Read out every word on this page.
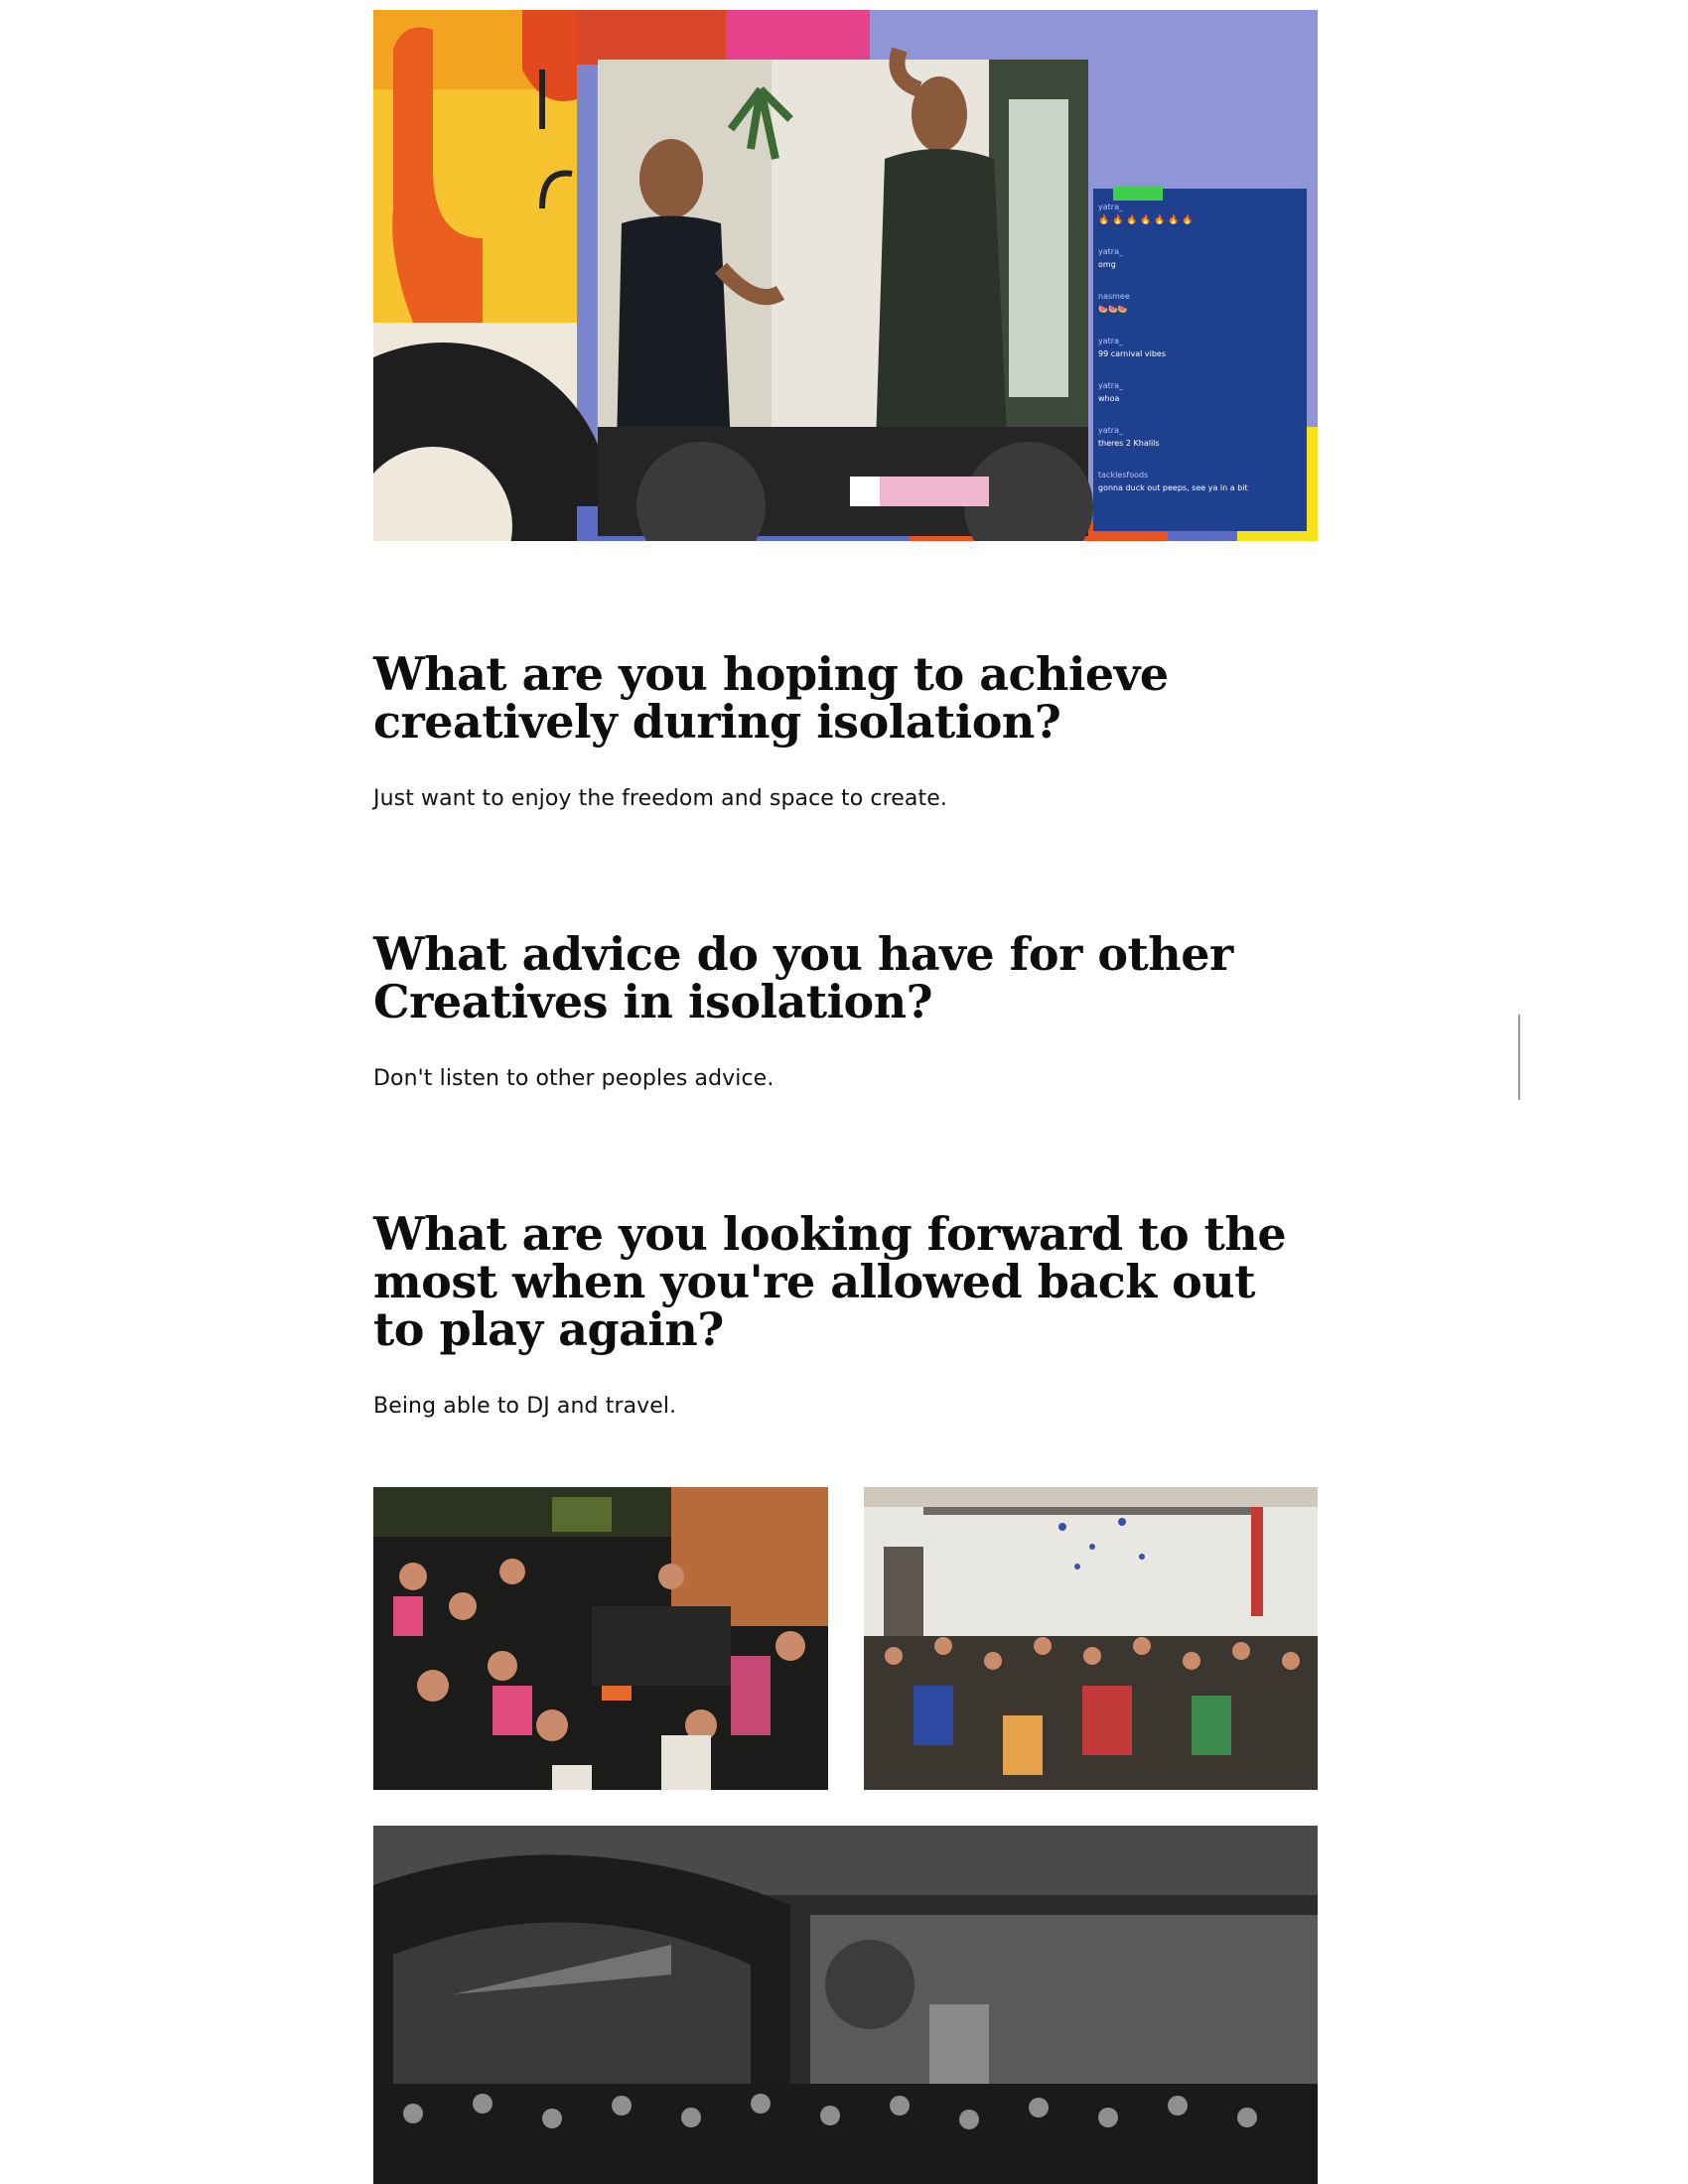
yatra_
🔥 🔥 🔥 🔥 🔥 🔥 🔥
yatra_
omg
nasmee
🍉🍉🍉
yatra_
99 carnival vibes
yatra_
whoa
yatra_
theres 2 Khalils
tacklesfoods
gonna duck out peeps, see ya in a bit
What are you hoping to achieve creatively during isolation?

Just want to enjoy the freedom and space to create.

What advice do you have for other Creatives in isolation?

Don't listen to other peoples advice.

What are you looking forward to the most when you're allowed back out to play again?

Being able to DJ and travel.
